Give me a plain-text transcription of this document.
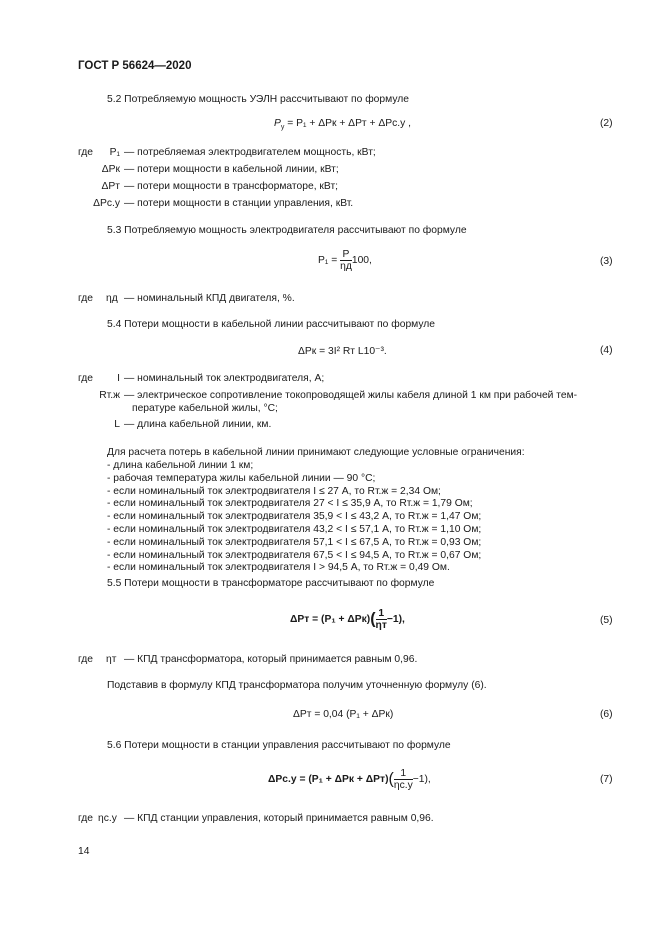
ГОСТ Р 56624—2020
5.2 Потребляемую мощность УЭЛН рассчитывают по формуле
$P_у = P_1 + \Delta Pк + \Delta Pт + \Delta Pс.у$ ,	(2)
где	P₁ — потребляемая электродвигателем мощность, кВт;
ΔPк — потери мощности в кабельной линии, кВт;
ΔPт — потери мощности в трансформаторе, кВт;
ΔPс.у — потери мощности в станции управления, кВт.
5.3 Потребляемую мощность электродвигателя рассчитывают по формуле
$P_1 = \frac{P}{\eta д} 100$,	(3)
где ηд — номинальный КПД двигателя, %.
5.4 Потери мощности в кабельной линии рассчитывают по формуле
ΔPк = 3I² Rт L10⁻³.	(4)
где	I — номинальный ток электродвигателя, А;
Rт.ж — электрическое сопротивление токопроводящей жилы кабеля длиной 1 км при рабочей тем-
пературе кабельной жилы, °С;
L — длина кабельной линии, км.
Для расчета потерь в кабельной линии принимают следующие условные ограничения:
- длина кабельной линии 1 км;
- рабочая температура жилы кабельной линии — 90 °С;
- если номинальный ток электродвигателя I ≤ 27 А, то Rт.ж = 2,34 Ом;
- если номинальный ток электродвигателя 27 < I ≤ 35,9 А, то Rт.ж = 1,79 Ом;
- если номинальный ток электродвигателя 35,9 < I ≤ 43,2 А, то Rт.ж = 1,47 Ом;
- если номинальный ток электродвигателя 43,2 < I ≤ 57,1 А, то Rт.ж = 1,10 Ом;
- если номинальный ток электродвигателя 57,1 < I ≤ 67,5 А, то Rт.ж = 0,93 Ом;
- если номинальный ток электродвигателя 67,5 < I ≤ 94,5 А, то Rт.ж = 0,67 Ом;
- если номинальный ток электродвигателя I > 94,5 А, то Rт.ж = 0,49 Ом.
5.5 Потери мощности в трансформаторе рассчитывают по формуле
$\Delta Pт = (P_1 + \Delta Pк)( \frac{1}{\eta т} -1)$,	(5)
где ηт — КПД трансформатора, который принимается равным 0,96.
Подставив в формулу КПД трансформатора получим уточненную формулу (6).
ΔPт = 0,04 (P₁ + ΔPк)	(6)
5.6 Потери мощности в станции управления рассчитывают по формуле
$\Delta Pс.у = (P_1 + \Delta Pк + \Delta Pт)( \frac{1}{\eta с.у} -1)$,	(7)
где ηс.у — КПД станции управления, который принимается равным 0,96.
14
